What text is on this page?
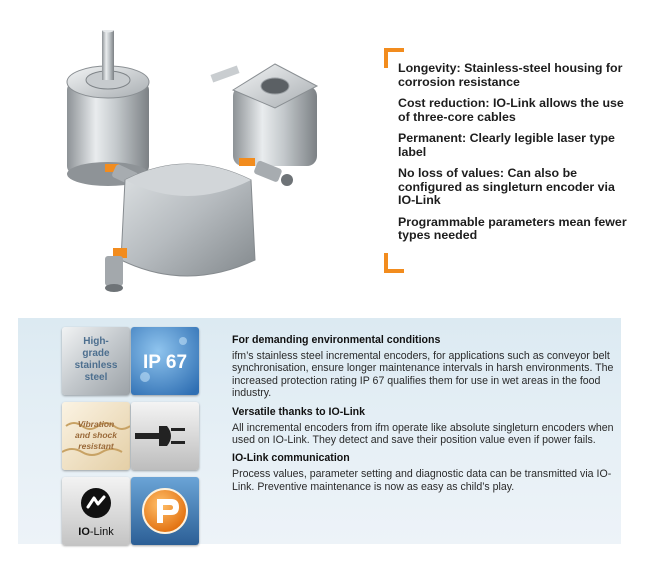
Longevity: Stainless-steel housing for corrosion resistance
Cost reduction: IO-Link allows the use of three-core cables
Permanent: Clearly legible laser type label
No loss of values: Can also be configured as singleturn encoder via IO-Link
Programmable parameters mean fewer types needed
High-
grade
stainless
steel
IP 67
Vibration
and shock
resistant
IO-Link
For demanding environmental conditions

ifm’s stainless steel incremental encoders, for applications such as conveyor belt synchronisation, ensure longer maintenance intervals in harsh environments. The increased protection rating IP 67 qualifies them for use in wet areas in the food industry.

Versatile thanks to IO-Link

All incremental encoders from ifm operate like absolute singleturn encoders when used on IO-Link. They detect and save their position value even if power fails.

IO-Link communication

Process values, parameter setting and diagnostic data can be transmitted via IO-Link. Preventive maintenance is now as easy as child’s play.
